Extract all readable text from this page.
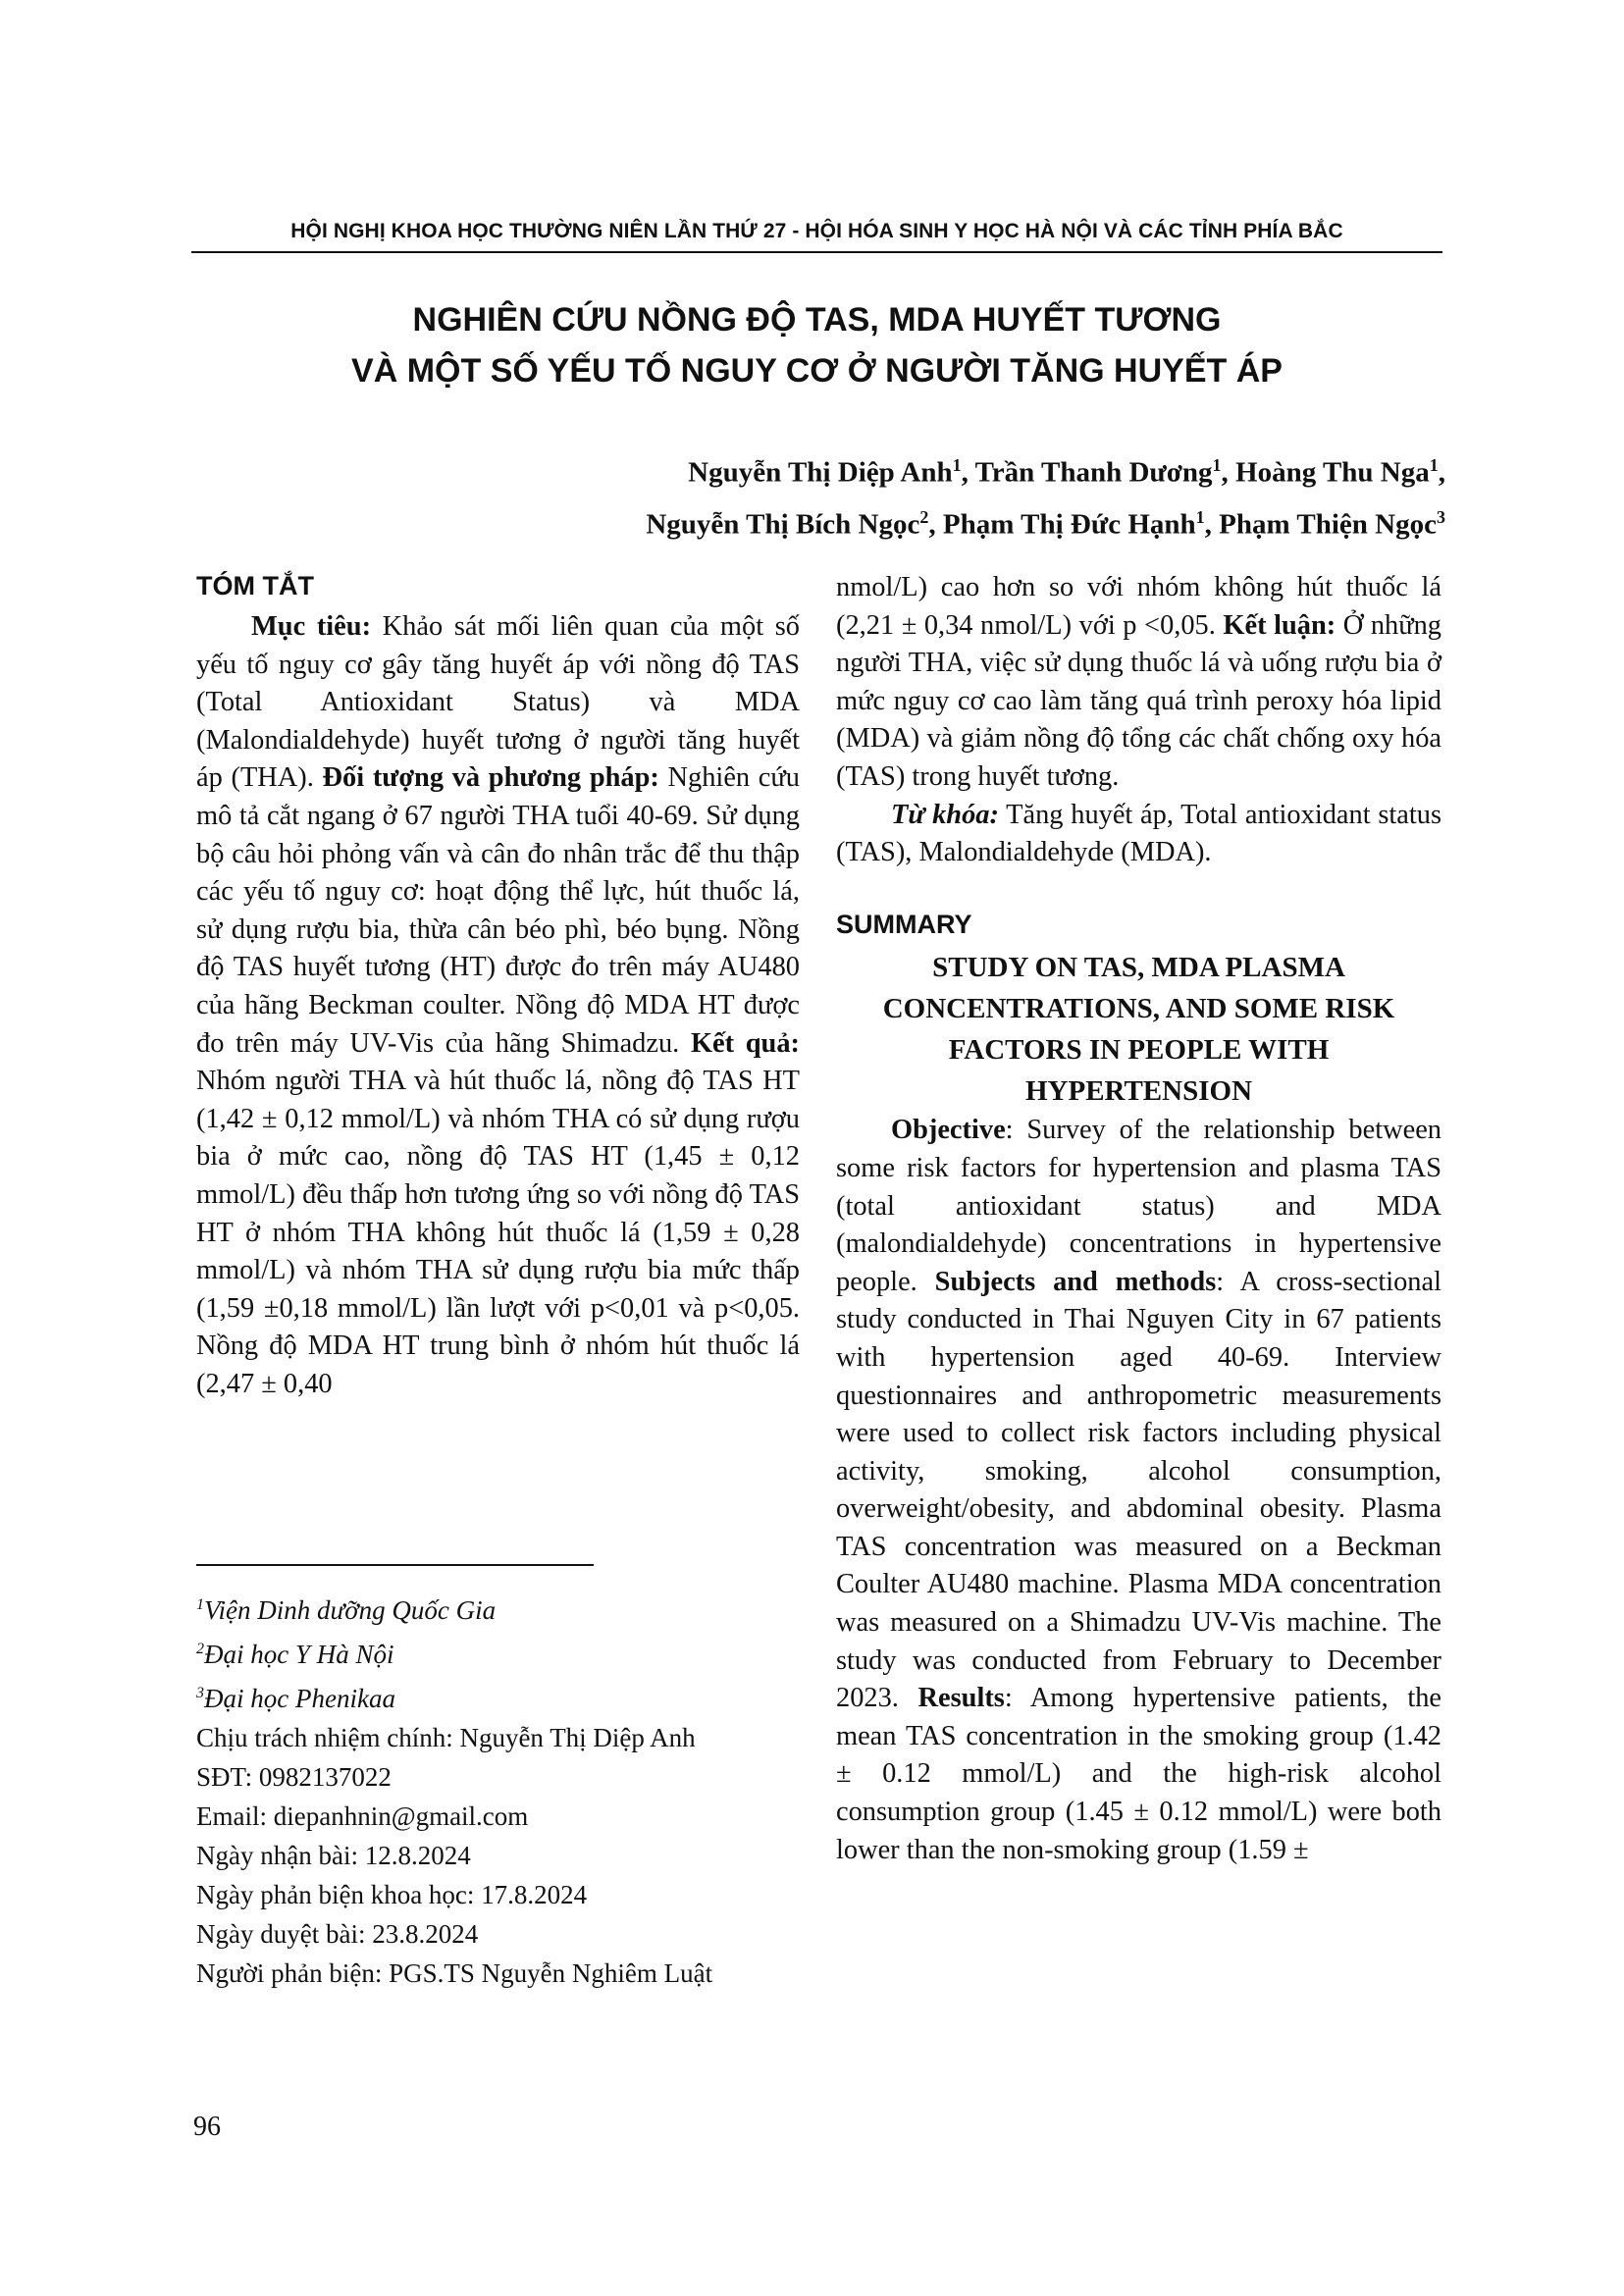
HỘI NGHỊ KHOA HỌC THƯỜNG NIÊN LẦN THỨ 27 - HỘI HÓA SINH Y HỌC HÀ NỘI VÀ CÁC TỈNH PHÍA BẮC
NGHIÊN CỨU NỒNG ĐỘ TAS, MDA HUYẾT TƯƠNG
VÀ MỘT SỐ YẾU TỐ NGUY CƠ Ở NGƯỜI TĂNG HUYẾT ÁP
Nguyễn Thị Diệp Anh$^1$, Trần Thanh Dương$^1$, Hoàng Thu Nga$^1$,
Nguyễn Thị Bích Ngọc$^2$, Phạm Thị Đức Hạnh$^1$, Phạm Thiện Ngọc$^3$
TÓM TẮT

Mục tiêu: Khảo sát mối liên quan của một số yếu tố nguy cơ gây tăng huyết áp với nồng độ TAS (Total Antioxidant Status) và MDA (Malondialdehyde) huyết tương ở người tăng huyết áp (THA). Đối tượng và phương pháp: Nghiên cứu mô tả cắt ngang ở 67 người THA tuổi 40-69. Sử dụng bộ câu hỏi phỏng vấn và cân đo nhân trắc để thu thập các yếu tố nguy cơ: hoạt động thể lực, hút thuốc lá, sử dụng rượu bia, thừa cân béo phì, béo bụng. Nồng độ TAS huyết tương (HT) được đo trên máy AU480 của hãng Beckman coulter. Nồng độ MDA HT được đo trên máy UV-Vis của hãng Shimadzu. Kết quả: Nhóm người THA và hút thuốc lá, nồng độ TAS HT (1,42 ± 0,12 mmol/L) và nhóm THA có sử dụng rượu bia ở mức cao, nồng độ TAS HT (1,45 ± 0,12 mmol/L) đều thấp hơn tương ứng so với nồng độ TAS HT ở nhóm THA không hút thuốc lá (1,59 ± 0,28 mmol/L) và nhóm THA sử dụng rượu bia mức thấp (1,59 ±0,18 mmol/L) lần lượt với p<0,01 và p<0,05. Nồng độ MDA HT trung bình ở nhóm hút thuốc lá (2,47 ± 0,40

$^1$Viện Dinh dưỡng Quốc Gia
$^2$Đại học Y Hà Nội
$^3$Đại học Phenikaa
Chịu trách nhiệm chính: Nguyễn Thị Diệp Anh
SĐT: 0982137022
Email: diepanhnin@gmail.com
Ngày nhận bài: 12.8.2024
Ngày phản biện khoa học: 17.8.2024
Ngày duyệt bài: 23.8.2024
Người phản biện: PGS.TS Nguyễn Nghiêm Luật

nmol/L) cao hơn so với nhóm không hút thuốc lá (2,21 ± 0,34 nmol/L) với p <0,05. Kết luận: Ở những người THA, việc sử dụng thuốc lá và uống rượu bia ở mức nguy cơ cao làm tăng quá trình peroxy hóa lipid (MDA) và giảm nồng độ tổng các chất chống oxy hóa (TAS) trong huyết tương.

Từ khóa: Tăng huyết áp, Total antioxidant status (TAS), Malondialdehyde (MDA).

SUMMARY
STUDY ON TAS, MDA PLASMA CONCENTRATIONS, AND SOME RISK FACTORS IN PEOPLE WITH HYPERTENSION

Objective: Survey of the relationship between some risk factors for hypertension and plasma TAS (total antioxidant status) and MDA (malondialdehyde) concentrations in hypertensive people. Subjects and methods: A cross-sectional study conducted in Thai Nguyen City in 67 patients with hypertension aged 40-69. Interview questionnaires and anthropometric measurements were used to collect risk factors including physical activity, smoking, alcohol consumption, overweight/obesity, and abdominal obesity. Plasma TAS concentration was measured on a Beckman Coulter AU480 machine. Plasma MDA concentration was measured on a Shimadzu UV-Vis machine. The study was conducted from February to December 2023. Results: Among hypertensive patients, the mean TAS concentration in the smoking group (1.42 ± 0.12 mmol/L) and the high-risk alcohol consumption group (1.45 ± 0.12 mmol/L) were both lower than the non-smoking group (1.59 ±

96
